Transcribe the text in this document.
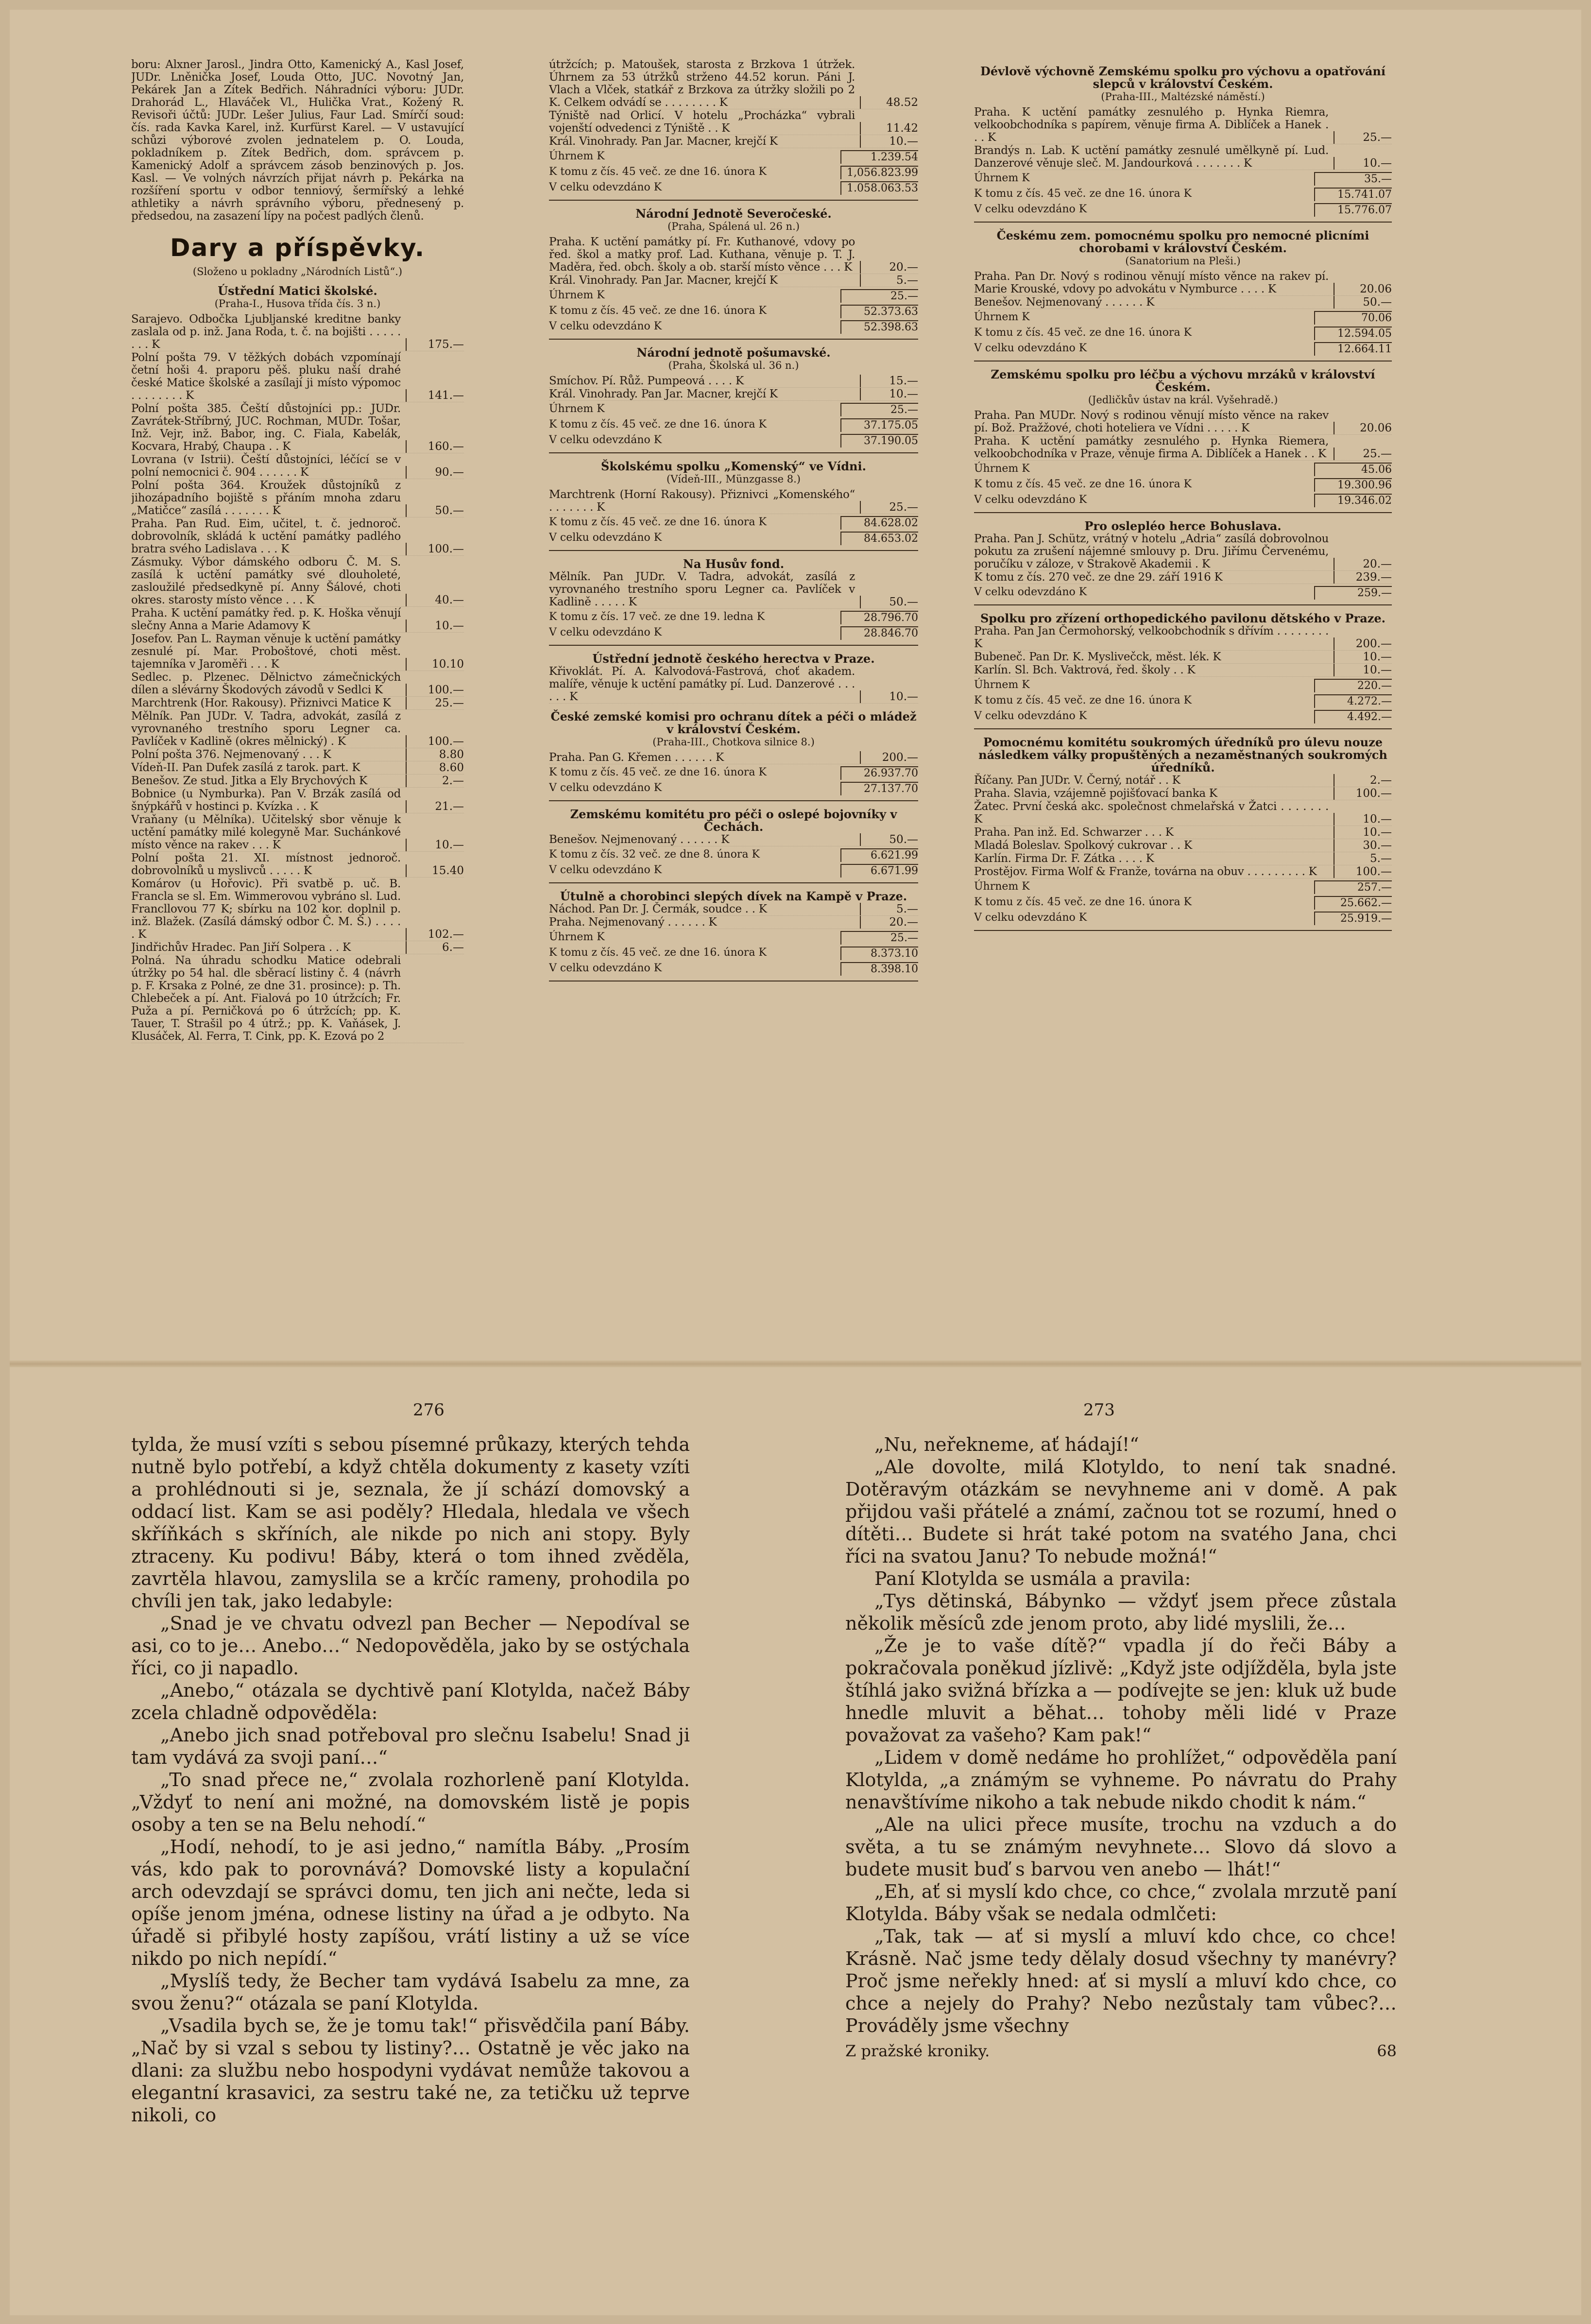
boru: Alxner Jarosl., Jindra Otto, Kamenický A., Kasl Josef, JUDr. Lněnička Josef, Louda Otto, JUC. Novotný Jan, Pekárek Jan a Zítek Bedřich. Náhradníci výboru: JUDr. Drahorád L., Hlaváček Vl., Hulička Vrat., Kožený R. Revisoři účtů: JUDr. Lešer Julius, Faur Lad. Smírčí soud: čís. rada Kavka Karel, inž. Kurfürst Karel. — V ustavující schůzi výborové zvolen jednatelem p. O. Louda, pokladníkem p. Zítek Bedřich, dom. správcem p. Kamenický Adolf a správcem zásob benzinových p. Jos. Kasl. — Ve volných návrzích přijat návrh p. Pekárka na rozšíření sportu v odbor tenniový, šermířský a lehké athletiky a návrh správního výboru, přednesený p. předsedou, na zasazení lípy na počest padlých členů.

Dary a příspěvky.
(Složeno u pokladny „Národních Listů“.)
Ústřední Matici školské.
(Praha-I., Husova třída čís. 3 n.)
Sarajevo. Odbočka Ljubljanské kreditne banky zaslala od p. inž. Jana Roda, t. č. na bojišti . . . . . . . . K	175.—
Polní pošta 79. V těžkých dobách vzpomínají četní hoši 4. praporu pěš. pluku naší drahé české Matice školské a zasílají ji místo výpomoc . . . . . . . . K	141.—
Polní pošta 385. Čeští důstojníci pp.: JUDr. Zavrátek-Stříbrný, JUC. Rochman, MUDr. Tošar, Inž. Vejr, inž. Babor, ing. C. Fiala, Kabelák, Kocvara, Hrabý, Chaupa . . K	160.—
Lovrana (v Istrii). Čeští důstojníci, léčící se v polní nemocnici č. 904 . . . . . . K	90.—
Polní pošta 364. Kroužek důstojníků z jihozápadního bojiště s přáním mnoha zdaru „Matičce“ zasílá . . . . . . . K	50.—
Praha. Pan Rud. Eim, učitel, t. č. jednoroč. dobrovolník, skládá k uctění památky padlého bratra svého Ladislava . . . K	100.—
Zásmuky. Výbor dámského odboru Č. M. S. zasílá k uctění památky své dlouholeté, zasloužilé předsedkyně pí. Anny Šálové, choti okres. starosty místo věnce . . . K	40.—
Praha. K uctění památky řed. p. K. Hoška věnují slečny Anna a Marie Adamovy K	10.—
Josefov. Pan L. Rayman věnuje k uctění památky zesnulé pí. Mar. Proboštové, choti měst. tajemníka v Jaroměři . . . K	10.10
Sedlec. p. Plzenec. Dělnictvo zámečnických dílen a slévárny Škodových závodů v Sedlci K	100.—
Marchtrenk (Hor. Rakousy). Přiznivci Matice K	25.—
Mělník. Pan JUDr. V. Tadra, advokát, zasílá z vyrovnaného trestního sporu Legner ca. Pavlíček v Kadlině (okres mělnický) . K	100.—
Polní pošta 376. Nejmenovaný . . . K	8.80
Vídeň-II. Pan Dufek zasílá z tarok. part. K	8.60
Benešov. Ze stud. Jitka a Ely Brychových K	2.—
Bobnice (u Nymburka). Pan V. Brzák zasílá od šnýpkářů v hostinci p. Kvízka . . K	21.—
Vraňany (u Mělníka). Učitelský sbor věnuje k uctění památky milé kolegyně Mar. Suchánkové místo věnce na rakev . . . K	10.—
Polní pošta 21. XI. místnost jednoroč. dobrovolníků u myslivců . . . . . K	15.40
Komárov (u Hořovic). Při svatbě p. uč. B. Francla se sl. Em. Wimmerovou vybráno sl. Lud. Francllovou 77 K; sbírku na 102 kor. doplnil p. inž. Blažek. (Zasílá dámský odbor Č. M. Š.) . . . . . K	102.—
Jindřichův Hradec. Pan Jiří Solpera . . K	6.—
Polná. Na úhradu schodku Matice odebrali útržky po 54 hal. dle sběrací listiny č. 4 (návrh p. F. Krsaka z Polné, ze dne 31. prosince): p. Th. Chlebeček a pí. Ant. Fialová po 10 útržcích; Fr. Puža a pí. Perničková po 6 útržcích; pp. K. Tauer, T. Strašil po 4 útrž.; pp. K. Vaňásek, J. Klusáček, Al. Ferra, T. Cink, pp. K. Ezová po 2
útržcích; p. Matoušek, starosta z Brzkova 1 útržek. Úhrnem za 53 útržků strženo 44.52 korun. Páni J. Vlach a Vlček, statkář z Brzkova za útržky složili po 2 K. Celkem odvádí se . . . . . . . . K	48.52
Týniště nad Orlicí. V hotelu „Procházka“ vybrali vojenští odvedenci z Týniště . . K	11.42
Král. Vinohrady. Pan Jar. Macner, krejčí K	10.—
Úhrnem K	1.239.54
K tomu z čís. 45 več. ze dne 16. února K	1,056.823.99
V celku odevzdáno K	1.058.063.53
Národní Jednotě Severočeské.
(Praha, Spálená ul. 26 n.)
Praha. K uctění památky pí. Fr. Kuthanové, vdovy po řed. škol a matky prof. Lad. Kuthana, věnuje p. T. J. Maděra, řed. obch. školy a ob. starší místo věnce . . . K	20.—
Král. Vinohrady. Pan Jar. Macner, krejčí K	5.—
Úhrnem K	25.—
K tomu z čís. 45 več. ze dne 16. února K	52.373.63
V celku odevzdáno K	52.398.63
Národní jednotě pošumavské.
(Praha, Školská ul. 36 n.)
Smíchov. Pí. Růž. Pumpeová . . . . K	15.—
Král. Vinohrady. Pan Jar. Macner, krejčí K	10.—
Úhrnem K	25.—
K tomu z čís. 45 več. ze dne 16. února K	37.175.05
V celku odevzdáno K	37.190.05
Školskému spolku „Komenský“ ve Vídni.
(Vídeň-III., Münzgasse 8.)
Marchtrenk (Horní Rakousy). Přiznivci „Komenského“ . . . . . . . K	25.—
K tomu z čís. 45 več. ze dne 16. února K	84.628.02
V celku odevzdáno K	84.653.02
Na Husův fond.
Mělník. Pan JUDr. V. Tadra, advokát, zasílá z vyrovnaného trestního sporu Legner ca. Pavlíček v Kadlině . . . . . K	50.—
K tomu z čís. 17 več. ze dne 19. ledna K	28.796.70
V celku odevzdáno K	28.846.70
Ústřední jednotě českého herectva v Praze.
Křivoklát. Pí. A. Kalvodová-Fastrová, choť akadem. malíře, věnuje k uctění památky pí. Lud. Danzerové . . . . . . K	10.—
České zemské komisi pro ochranu dítek a péči o mládež v království Českém.
(Praha-III., Chotkova silnice 8.)
Praha. Pan G. Křemen . . . . . . K	200.—
K tomu z čís. 45 več. ze dne 16. února K	26.937.70
V celku odevzdáno K	27.137.70
Zemskému komitétu pro péči o oslepé bojovníky v Čechách.
Benešov. Nejmenovaný . . . . . . K	50.—
K tomu z čís. 32 več. ze dne 8. února K	6.621.99
V celku odevzdáno K	6.671.99
Útulně a chorobinci slepých dívek na Kampě v Praze.
Náchod. Pan Dr. J. Čermák, soudce . . K	5.—
Praha. Nejmenovaný . . . . . . K	20.—
Úhrnem K	25.—
K tomu z čís. 45 več. ze dne 16. února K	8.373.10
V celku odevzdáno K	8.398.10
Dévlově výchovně Zemskému spolku pro výchovu a opatřování slepců v království Českém.
(Praha-III., Maltézské náměstí.)
Praha. K uctění památky zesnulého p. Hynka Riemra, velkoobchodníka s papírem, věnuje firma A. Diblíček a Hanek . . . K	25.—
Brandýs n. Lab. K uctění památky zesnulé umělkyně pí. Lud. Danzerové věnuje sleč. M. Jandourková . . . . . . . K	10.—
Úhrnem K	35.—
K tomu z čís. 45 več. ze dne 16. února K	15.741.07
V celku odevzdáno K	15.776.07
Českému zem. pomocnému spolku pro nemocné plicními chorobami v království Českém.
(Sanatorium na Pleši.)
Praha. Pan Dr. Nový s rodinou věnují místo věnce na rakev pí. Marie Krouské, vdovy po advokátu v Nymburce . . . . K	20.06
Benešov. Nejmenovaný . . . . . . K	50.—
Úhrnem K	70.06
K tomu z čís. 45 več. ze dne 16. února K	12.594.05
V celku odevzdáno K	12.664.11
Zemskému spolku pro léčbu a výchovu mrzáků v království Českém.
(Jedličkův ústav na král. Vyšehradě.)
Praha. Pan MUDr. Nový s rodinou věnují místo věnce na rakev pí. Bož. Pražžové, choti hoteliera ve Vídni . . . . . K	20.06
Praha. K uctění památky zesnulého p. Hynka Riemera, velkoobchodníka v Praze, věnuje firma A. Diblíček a Hanek . . K	25.—
Úhrnem K	45.06
K tomu z čís. 45 več. ze dne 16. února K	19.300.96
V celku odevzdáno K	19.346.02
Pro oslepléo herce Bohuslava.
Praha. Pan J. Schütz, vrátný v hotelu „Adria“ zasílá dobrovolnou pokutu za zrušení nájemné smlouvy p. Dru. Jiřímu Červenému, poručíku v záloze, v Strakově Akademii . K	20.—
K tomu z čís. 270 več. ze dne 29. září 1916 K	239.—
V celku odevzdáno K	259.—
Spolku pro zřízení orthopedického pavilonu dětského v Praze.
Praha. Pan Jan Čermohorský, velkoobchodník s dřívím . . . . . . . . K	200.—
Bubeneč. Pan Dr. K. Myslivečck, měst. lék. K	10.—
Karlín. Sl. Bch. Vaktrová, řed. školy . . K	10.—
Úhrnem K	220.—
K tomu z čís. 45 več. ze dne 16. února K	4.272.—
V celku odevzdáno K	4.492.—
Pomocnému komitétu soukromých úředníků pro úlevu nouze následkem války propuštěných a nezaměstnaných soukromých úředníků.
Říčany. Pan JUDr. V. Černý, notář . . K	2.—
Praha. Slavia, vzájemně pojišťovací banka K	100.—
Žatec. První česká akc. společnost chmelařská v Žatci . . . . . . . K	10.—
Praha. Pan inž. Ed. Schwarzer . . . K	10.—
Mladá Boleslav. Spolkový cukrovar . . K	30.—
Karlín. Firma Dr. F. Zátka . . . . K	5.—
Prostějov. Firma Wolf & Franže, továrna na obuv . . . . . . . . . K	100.—
Úhrnem K	257.—
K tomu z čís. 45 več. ze dne 16. února K	25.662.—
V celku odevzdáno K	25.919.—
276	273

tylda, že musí vzíti s sebou písemné průkazy, kterých tehda nutně bylo potřebí, a když chtěla dokumenty z kasety vzíti a prohlédnouti si je, seznala, že jí schází domovský a oddací list. Kam se asi poděly? Hledala, hledala ve všech skříňkách s skříních, ale nikde po nich ani stopy. Byly ztraceny. Ku podivu! Báby, která o tom ihned zvěděla, zavrtěla hlavou, zamyslila se a krčíc rameny, prohodila po chvíli jen tak, jako ledabyle:

„Snad je ve chvatu odvezl pan Becher — Nepodíval se asi, co to je… Anebo…“ Nedopověděla, jako by se ostýchala říci, co ji napadlo.

„Anebo,“ otázala se dychtivě paní Klotylda, načež Báby zcela chladně odpověděla:

„Anebo jich snad potřeboval pro slečnu Isabelu! Snad ji tam vydává za svoji paní…“

„To snad přece ne,“ zvolala rozhorleně paní Klotylda. „Vždyť to není ani možné, na domovském listě je popis osoby a ten se na Belu nehodí.“

„Hodí, nehodí, to je asi jedno,“ namítla Báby. „Prosím vás, kdo pak to porovnává? Domovské listy a kopulační arch odevzdají se správci domu, ten jich ani nečte, leda si opíše jenom jména, odnese listiny na úřad a je odbyto. Na úřadě si přibylé hosty zapíšou, vrátí listiny a už se více nikdo po nich nepídí.“

„Myslíš tedy, že Becher tam vydává Isabelu za mne, za svou ženu?“ otázala se paní Klotylda.

„Vsadila bych se, že je tomu tak!“ přisvědčila paní Báby. „Nač by si vzal s sebou ty listiny?… Ostatně je věc jako na dlani: za službu nebo hospodyni vydávat nemůže takovou a elegantní krasavici, za sestru také ne, za tetičku už teprve nikoli, co

„Nu, neřekneme, ať hádají!“

„Ale dovolte, milá Klotyldo, to není tak snadné. Dotěravým otázkám se nevyhneme ani v domě. A pak přijdou vaši přátelé a známí, začnou tot se rozumí, hned o dítěti… Budete si hrát také potom na svatého Jana, chci říci na svatou Janu? To nebude možná!“

Paní Klotylda se usmála a pravila:

„Tys dětinská, Bábynko — vždyť jsem přece zůstala několik měsíců zde jenom proto, aby lidé myslili, že…

„Že je to vaše dítě?“ vpadla jí do řeči Báby a pokračovala poněkud jízlivě: „Když jste odjížděla, byla jste štíhlá jako svižná břízka a — podívejte se jen: kluk už bude hnedle mluvit a běhat… tohoby měli lidé v Praze považovat za vašeho? Kam pak!“

„Lidem v domě nedáme ho prohlížet,“ odpověděla paní Klotylda, „a známým se vyhneme. Po návratu do Prahy nenavštívíme nikoho a tak nebude nikdo chodit k nám.“

„Ale na ulici přece musíte, trochu na vzduch a do světa, a tu se známým nevyhnete… Slovo dá slovo a budete musit buď s barvou ven anebo — lhát!“

„Eh, ať si myslí kdo chce, co chce,“ zvolala mrzutě paní Klotylda. Báby však se nedala odmlčeti:

„Tak, tak — ať si myslí a mluví kdo chce, co chce! Krásně. Nač jsme tedy dělaly dosud všechny ty manévry? Proč jsme neřekly hned: ať si myslí a mluví kdo chce, co chce a nejely do Prahy? Nebo nezůstaly tam vůbec?… Prováděly jsme všechny

Z pražské kroniky.	68
